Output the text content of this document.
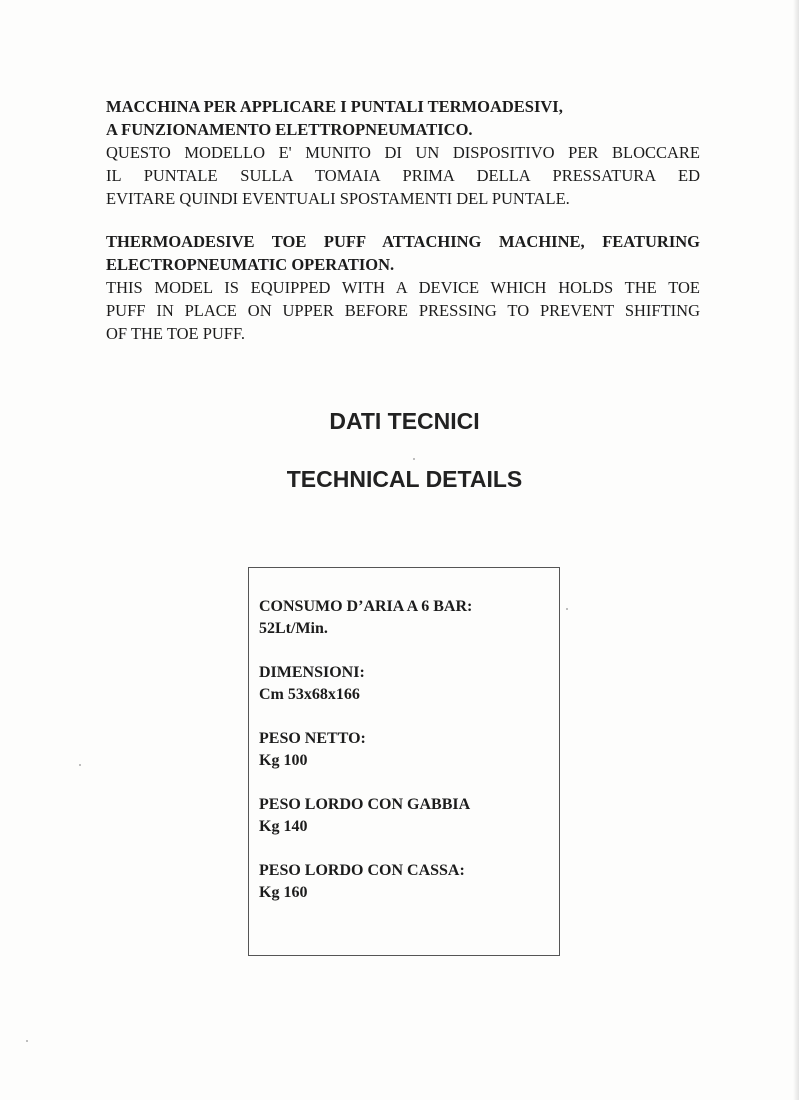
MACCHINA PER APPLICARE I PUNTALI TERMOADESIVI,
A FUNZIONAMENTO ELETTROPNEUMATICO.
QUESTO MODELLO E' MUNITO DI UN DISPOSITIVO PER BLOCCARE
IL PUNTALE SULLA TOMAIA PRIMA DELLA PRESSATURA ED
EVITARE QUINDI EVENTUALI SPOSTAMENTI DEL PUNTALE.
THERMOADESIVE TOE PUFF ATTACHING MACHINE, FEATURING
ELECTROPNEUMATIC OPERATION.
THIS MODEL IS EQUIPPED WITH A DEVICE WHICH HOLDS THE TOE
PUFF IN PLACE ON UPPER BEFORE PRESSING TO PREVENT SHIFTING
OF THE TOE PUFF.
DATI TECNICI
TECHNICAL DETAILS
CONSUMO D’ARIA A 6 BAR:
52Lt/Min.
DIMENSIONI:
Cm 53x68x166
PESO NETTO:
Kg 100
PESO LORDO CON GABBIA
Kg 140
PESO LORDO CON CASSA:
Kg 160
